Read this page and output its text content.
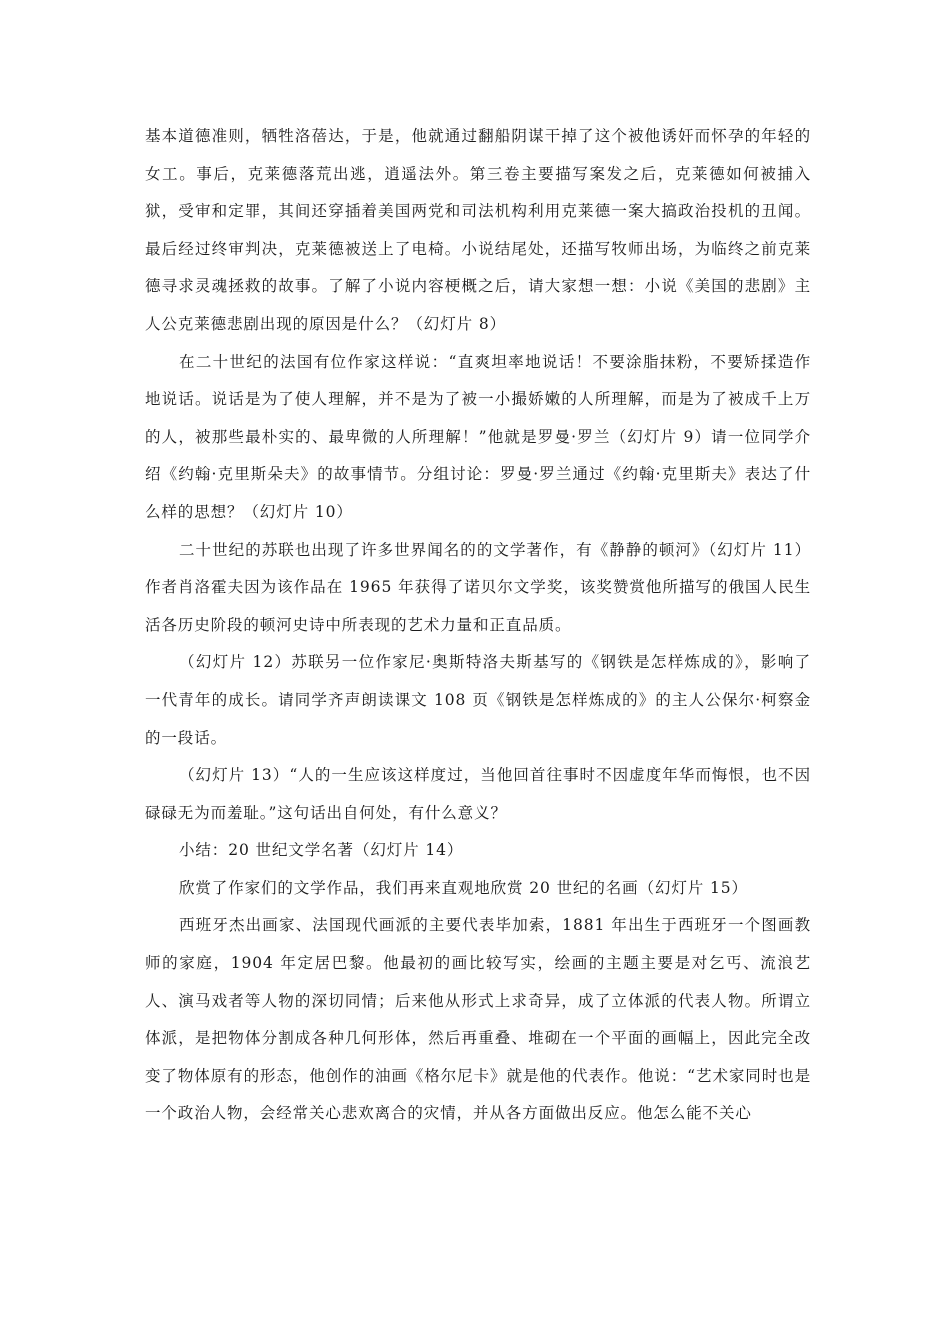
基本道德准则，牺牲洛蓓达，于是，他就通过翻船阴谋干掉了这个被他诱奸而怀孕的年轻的女工。事后，克莱德落荒出逃，逍遥法外。第三卷主要描写案发之后，克莱德如何被捕入狱，受审和定罪，其间还穿插着美国两党和司法机构利用克莱德一案大搞政治投机的丑闻。最后经过终审判决，克莱德被送上了电椅。小说结尾处，还描写牧师出场，为临终之前克莱德寻求灵魂拯救的故事。了解了小说内容梗概之后，请大家想一想：小说《美国的悲剧》主人公克莱德悲剧出现的原因是什么？（幻灯片 8）

在二十世纪的法国有位作家这样说：“直爽坦率地说话！不要涂脂抹粉，不要矫揉造作地说话。说话是为了使人理解，并不是为了被一小撮娇嫩的人所理解，而是为了被成千上万的人，被那些最朴实的、最卑微的人所理解！”他就是罗曼·罗兰（幻灯片 9）请一位同学介绍《约翰·克里斯朵夫》的故事情节。分组讨论：罗曼·罗兰通过《约翰·克里斯夫》表达了什么样的思想？（幻灯片 10）

二十世纪的苏联也出现了许多世界闻名的的文学著作，有《静静的顿河》（幻灯片 11）作者肖洛霍夫因为该作品在 1965 年获得了诺贝尔文学奖，该奖赞赏他所描写的俄国人民生活各历史阶段的顿河史诗中所表现的艺术力量和正直品质。

（幻灯片 12）苏联另一位作家尼·奥斯特洛夫斯基写的《钢铁是怎样炼成的》，影响了一代青年的成长。请同学齐声朗读课文 108 页《钢铁是怎样炼成的》的主人公保尔·柯察金的一段话。

（幻灯片 13）“人的一生应该这样度过，当他回首往事时不因虚度年华而悔恨，也不因碌碌无为而羞耻。”这句话出自何处，有什么意义？

小结：20 世纪文学名著（幻灯片 14）

欣赏了作家们的文学作品，我们再来直观地欣赏 20 世纪的名画（幻灯片 15）

西班牙杰出画家、法国现代画派的主要代表毕加索，1881 年出生于西班牙一个图画教师的家庭，1904 年定居巴黎。他最初的画比较写实，绘画的主题主要是对乞丐、流浪艺人、演马戏者等人物的深切同情；后来他从形式上求奇异，成了立体派的代表人物。所谓立体派，是把物体分割成各种几何形体，然后再重叠、堆砌在一个平面的画幅上，因此完全改变了物体原有的形态，他创作的油画《格尔尼卡》就是他的代表作。他说：“艺术家同时也是一个政治人物，会经常关心悲欢离合的灾情，并从各方面做出反应。他怎么能不关心
